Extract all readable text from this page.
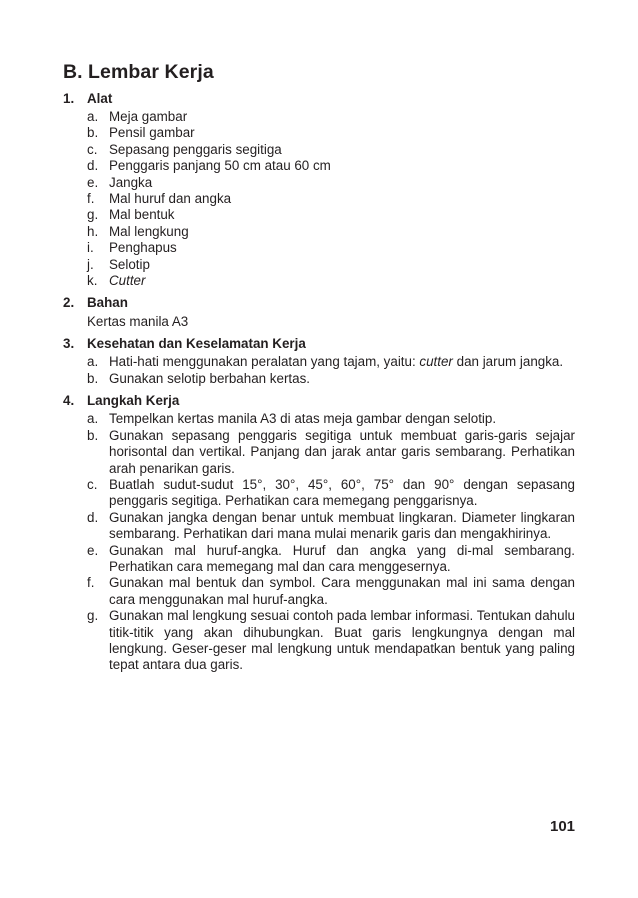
B. Lembar Kerja
1. Alat
a. Meja gambar
b. Pensil gambar
c. Sepasang penggaris segitiga
d. Penggaris panjang 50 cm atau 60 cm
e. Jangka
f.	Mal huruf dan angka
g. Mal bentuk
h. Mal lengkung
i.	Penghapus
j.	Selotip
k. Cutter
2. Bahan
Kertas manila A3
3. Kesehatan dan Keselamatan Kerja
a. Hati-hati menggunakan peralatan yang tajam, yaitu: cutter dan jarum jangka.
b. Gunakan selotip berbahan kertas.
4. Langkah Kerja
a. Tempelkan kertas manila A3 di atas meja gambar dengan selotip.
b. Gunakan sepasang penggaris segitiga untuk membuat garis-garis sejajar horisontal dan vertikal. Panjang dan jarak antar garis sembarang. Perhatikan arah penarikan garis.
c. Buatlah sudut-sudut 15°, 30°, 45°, 60°, 75° dan 90° dengan sepasang penggaris segitiga. Perhatikan cara memegang penggarisnya.
d. Gunakan jangka dengan benar untuk membuat lingkaran. Diameter lingkaran sembarang. Perhatikan dari mana mulai menarik garis dan mengakhirinya.
e. Gunakan mal huruf-angka. Huruf dan angka yang di-mal sembarang. Perhatikan cara memegang mal dan cara menggesernya.
f.	Gunakan mal bentuk dan symbol. Cara menggunakan mal ini sama dengan cara menggunakan mal huruf-angka.
g. Gunakan mal lengkung sesuai contoh pada lembar informasi. Tentukan dahulu titik-titik yang akan dihubungkan. Buat garis lengkungnya dengan mal lengkung. Geser-geser mal lengkung untuk mendapatkan bentuk yang paling tepat antara dua garis.
101
